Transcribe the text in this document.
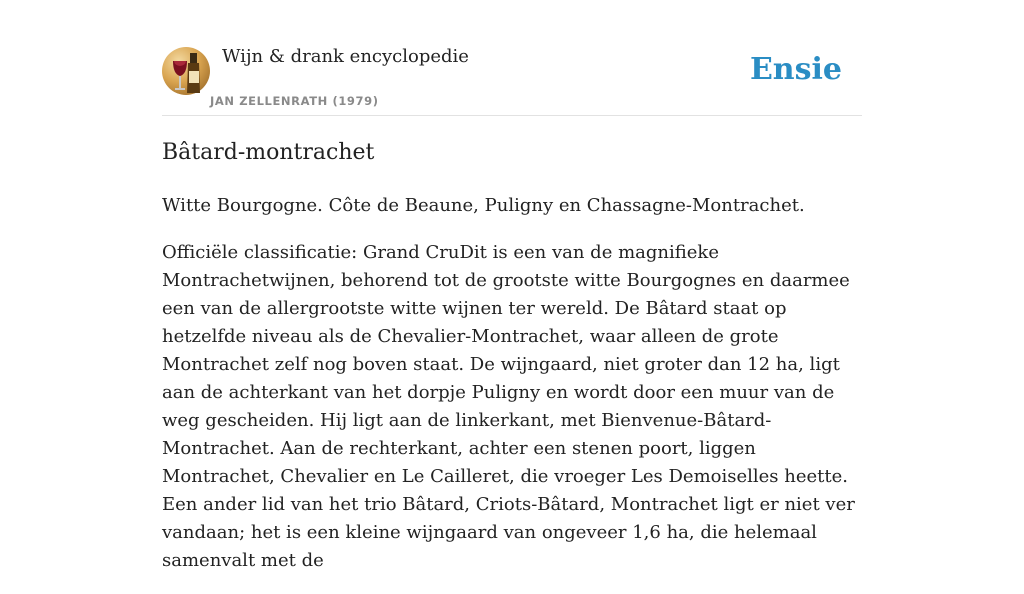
Wijn & drank encyclopedie
JAN ZELLENRATH (1979)
Ensie
Bâtard-montrachet

Witte Bourgogne. Côte de Beaune, Puligny en Chassagne-Montrachet.

Officiële classificatie: Grand CruDit is een van de magnifieke Montrachetwijnen, behorend tot de grootste witte Bourgognes en daarmee een van de allergrootste witte wijnen ter wereld. De Bâtard staat op hetzelfde niveau als de Chevalier-Montrachet, waar alleen de grote Montrachet zelf nog boven staat. De wijngaard, niet groter dan 12 ha, ligt aan de achterkant van het dorpje Puligny en wordt door een muur van de weg gescheiden. Hij ligt aan de linkerkant, met Bienvenue-Bâtard-Montrachet. Aan de rechterkant, achter een stenen poort, liggen Montrachet, Chevalier en Le Cailleret, die vroeger Les Demoiselles heette. Een ander lid van het trio Bâtard, Criots-Bâtard, Montrachet ligt er niet ver vandaan; het is een kleine wijngaard van ongeveer 1,6 ha, die helemaal samenvalt met de
